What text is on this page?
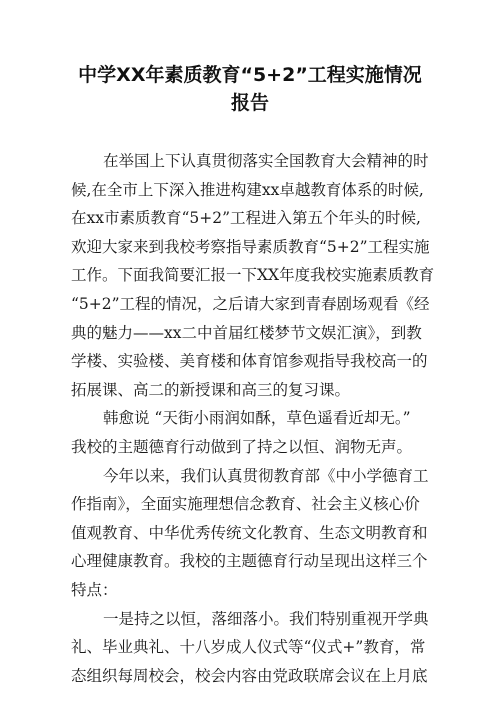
中学XX年素质教育“5+2”工程实施情况
报告
在举国上下认真贯彻落实全国教育大会精神的时
候,在全市上下深入推进构建xx卓越教育体系的时候,
在xx市素质教育“5+2”工程进入第五个年头的时候,
欢迎大家来到我校考察指导素质教育“5+2”工程实施
工作。下面我简要汇报一下XX年度我校实施素质教育
“5+2”工程的情况，之后请大家到青春剧场观看《经
典的魅力——xx二中首届红楼梦节文娱汇演》，到教
学楼、实验楼、美育楼和体育馆参观指导我校高一的
拓展课、高二的新授课和高三的复习课。
韩愈说 “天街小雨润如酥，草色遥看近却无。”
我校的主题德育行动做到了持之以恒、润物无声。
今年以来，我们认真贯彻教育部《中小学德育工
作指南》，全面实施理想信念教育、社会主义核心价
值观教育、中华优秀传统文化教育、生态文明教育和
心理健康教育。我校的主题德育行动呈现出这样三个
特点：
一是持之以恒，落细落小。我们特别重视开学典
礼、毕业典礼、十八岁成人仪式等“仪式+”教育，常
态组织每周校会，校会内容由党政联席会议在上月底
